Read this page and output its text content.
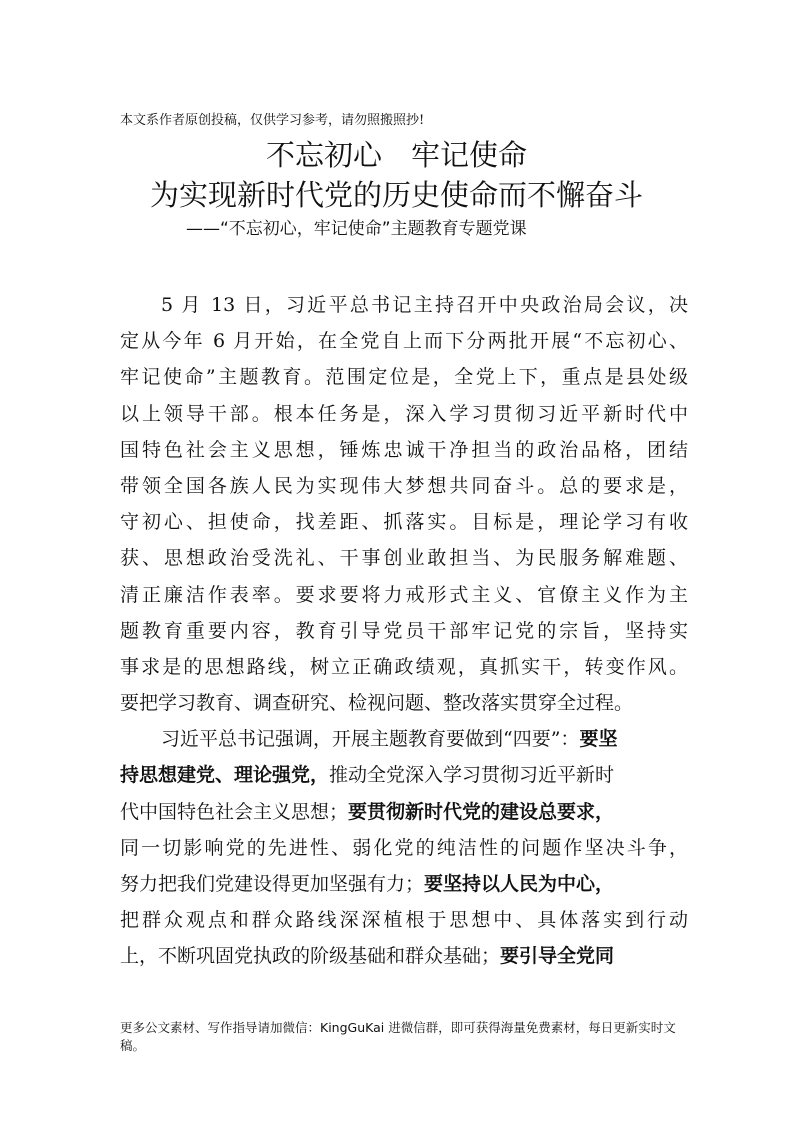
本文系作者原创投稿，仅供学习参考，请勿照搬照抄!
不忘初心　牢记使命
为实现新时代党的历史使命而不懈奋斗
——“不忘初心，牢记使命”主题教育专题党课
5 月 13 日，习近平总书记主持召开中央政治局会议，决
定从今年 6 月开始，在全党自上而下分两批开展“不忘初心、
牢记使命”主题教育。范围定位是，全党上下，重点是县处级
以上领导干部。根本任务是，深入学习贯彻习近平新时代中
国特色社会主义思想，锤炼忠诚干净担当的政治品格，团结
带领全国各族人民为实现伟大梦想共同奋斗。总的要求是，
守初心、担使命，找差距、抓落实。目标是，理论学习有收
获、思想政治受洗礼、干事创业敢担当、为民服务解难题、
清正廉洁作表率。要求要将力戒形式主义、官僚主义作为主
题教育重要内容，教育引导党员干部牢记党的宗旨，坚持实
事求是的思想路线，树立正确政绩观，真抓实干，转变作风。
要把学习教育、调查研究、检视问题、整改落实贯穿全过程。
习近平总书记强调，开展主题教育要做到“四要”：要坚
持思想建党、理论强党，推动全党深入学习贯彻习近平新时
代中国特色社会主义思想；要贯彻新时代党的建设总要求，
同一切影响党的先进性、弱化党的纯洁性的问题作坚决斗争，
努力把我们党建设得更加坚强有力；要坚持以人民为中心，
把群众观点和群众路线深深植根于思想中、具体落实到行动
上，不断巩固党执政的阶级基础和群众基础；要引导全党同
更多公文素材、写作指导请加微信：KingGuKai 进微信群，即可获得海量免费素材，每日更新实时文稿。
